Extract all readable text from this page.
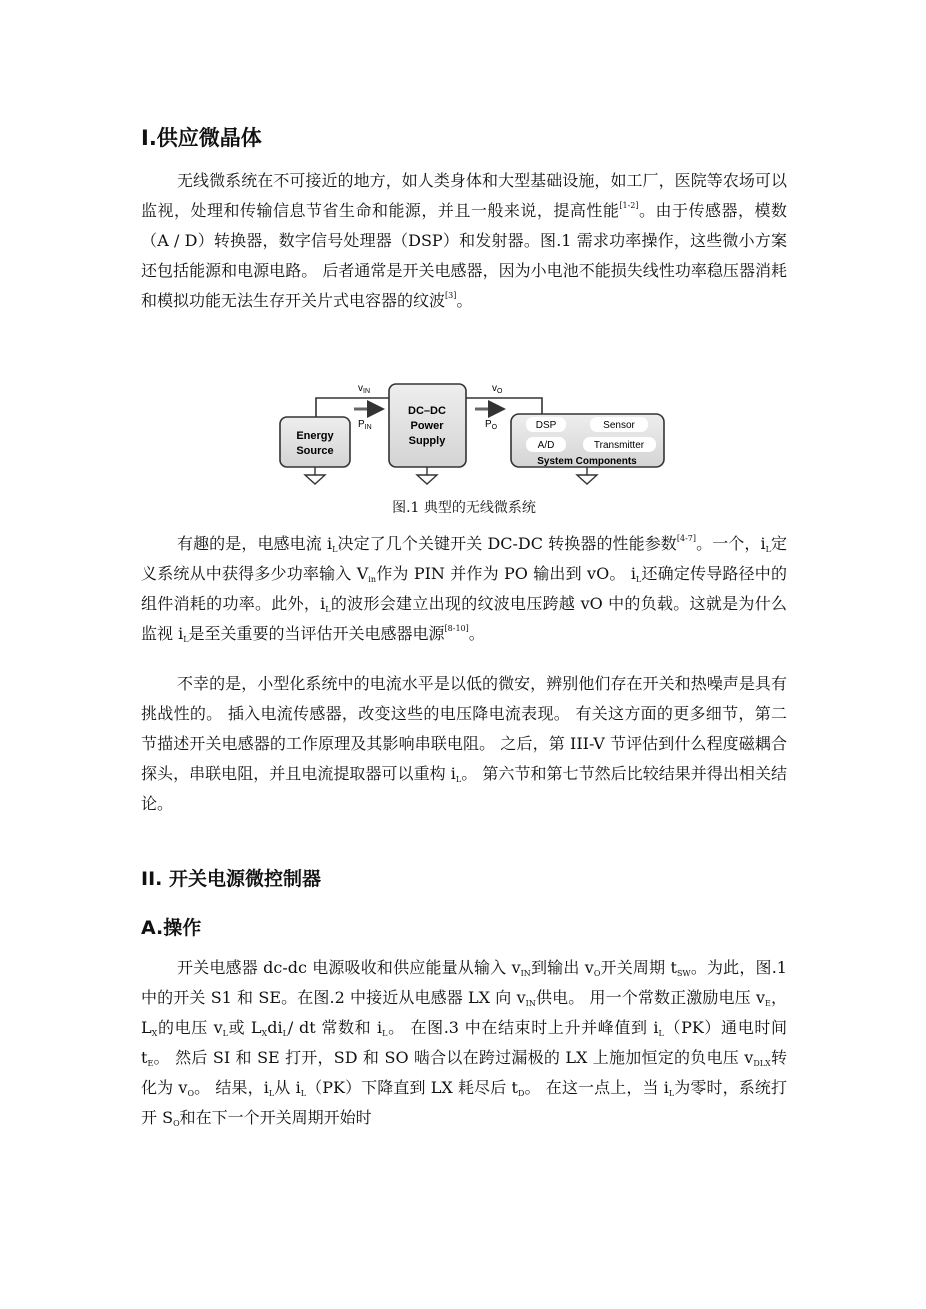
I.供应微晶体

无线微系统在不可接近的地方，如人类身体和大型基础设施，如工厂，医院等农场可以监视，处理和传输信息节省生命和能源，并且一般来说，提高性能[1-2]。由于传感器，模数（A / D）转换器，数字信号处理器（DSP）和发射器。图.1 需求功率操作，这些微小方案还包括能源和电源电路。 后者通常是开关电感器，因为小电池不能损失线性功率稳压器消耗和模拟功能无法生存开关片式电容器的纹波[3]。

Energy
Source
$v_{IN}$
$P_{IN}$
DC–DC
Power
Supply
$v_O$
$P_O$	DSP	Sensor
A/D	Transmitter
System Components
图.1 典型的无线微系统

有趣的是，电感电流 $i_L$决定了几个关键开关 DC-DC 转换器的性能参数[4-7]。一个，$i_L$定义系统从中获得多少功率输入 $V_{in}$作为 PIN 并作为 PO 输出到 vO。 $i_L$还确定传导路径中的组件消耗的功率。此外，$i_L$的波形会建立出现的纹波电压跨越 vO 中的负载。这就是为什么监视 $i_L$是至关重要的当评估开关电感器电源[8-10]。

不幸的是，小型化系统中的电流水平是以低的微安，辨别他们存在开关和热噪声是具有挑战性的。 插入电流传感器，改变这些的电压降电流表现。 有关这方面的更多细节，第二节描述开关电感器的工作原理及其影响串联电阻。 之后，第 III-V 节评估到什么程度磁耦合探头，串联电阻，并且电流提取器可以重构 $i_L$。 第六节和第七节然后比较结果并得出相关结论。

II. 开关电源微控制器
A.操作

开关电感器 dc-dc 电源吸收和供应能量从输入 $v_{IN}$到输出 $v_O$开关周期 $t_{SW}$。为此，图.1 中的开关 S1 和 SE。在图.2 中接近从电感器 LX 向 $v_{IN}$供电。 用一个常数正激励电压 $v_E$，$L_X$的电压 $v_L$或 $L_Xdi_L/$ dt 常数和 $i_L$。 在图.3 中在结束时上升并峰值到 $i_L(PK)$通电时间 $t_E$。 然后 SI 和 SE 打开，SD 和 SO 啮合以在跨过漏极的 LX 上施加恒定的负电压 $v_{DLX}$转化为 $v_O$。 结果，$i_L$从 $i_L(PK)$下降直到 LX 耗尽后 $t_D$。 在这一点上，当 $i_L$为零时，系统打开 $S_O$和在下一个开关周期开始时
